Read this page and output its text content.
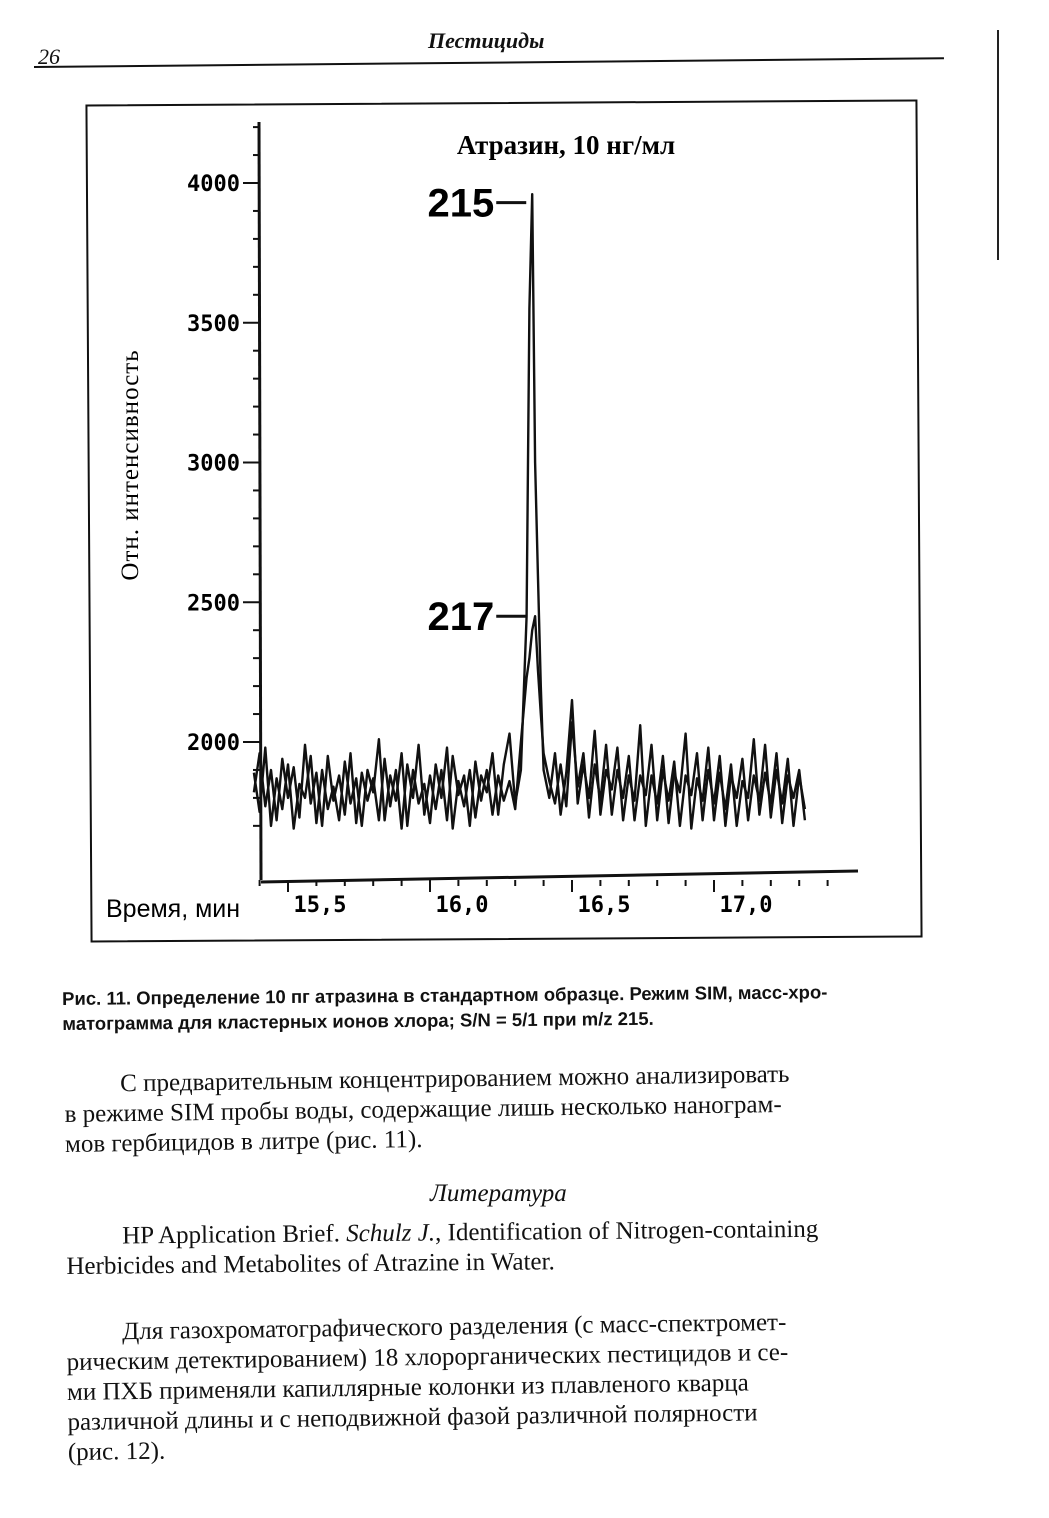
26
Пестициды
Атразин, 10 нг/мл
Отн. интенсивность
Время, мин
4000
3500
3000
2500
2000
15,5	16,0	16,5	17,0
215
217

Рис. 11. Определение 10 пг атразина в стандартном образце. Режим SIM, масс-хро-

матограмма для кластерных ионов хлора; S/N = 5/1 при m/z 215.

С предварительным концентрированием можно анализировать

в режиме SIM пробы воды, содержащие лишь несколько нанограм-

мов гербицидов в литре (рис. 11).

Литература

HP Application Brief. Schulz J., Identification of Nitrogen-containing

Herbicides and Metabolites of Atrazine in Water.

Для газохроматографического разделения (с масс-спектромет-

рическим детектированием) 18 хлорорганических пестицидов и се-

ми ПХБ применяли капиллярные колонки из плавленого кварца

различной длины и с неподвижной фазой различной полярности

(рис. 12).
